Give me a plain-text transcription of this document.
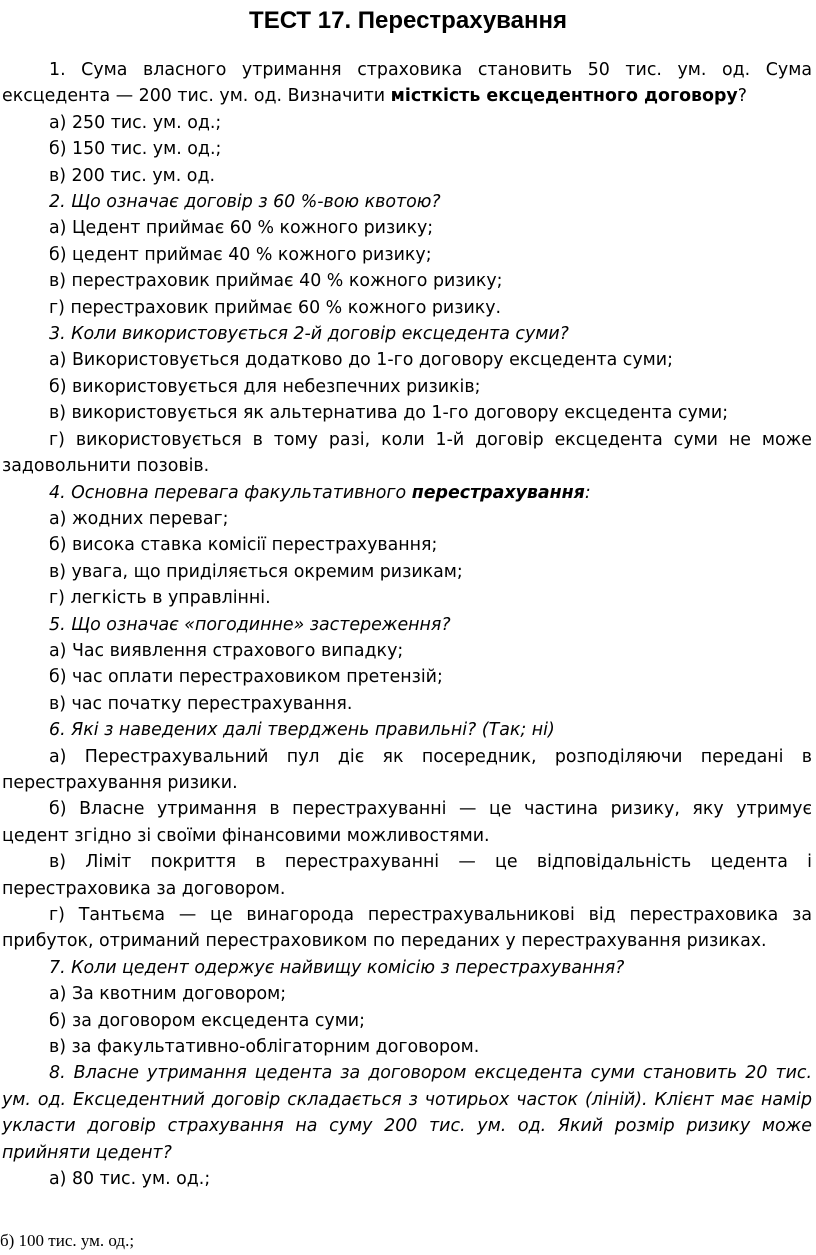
ТЕСТ 17. Перестрахування

1. Сума власного утримання страховика становить 50 тис. ум. од. Сума ексцедента — 200 тис. ум. од. Визначити місткість ексцедентного договору?

а) 250 тис. ум. од.;

б) 150 тис. ум. од.;

в) 200 тис. ум. од.

2. Що означає договір з 60 %-вою квотою?

а) Цедент приймає 60 % кожного ризику;

б) цедент приймає 40 % кожного ризику;

в) перестраховик приймає 40 % кожного ризику;

г) перестраховик приймає 60 % кожного ризику.

3. Коли використовується 2-й договір ексцедента суми?

а) Використовується додатково до 1-го договору ексцедента суми;

б) використовується для небезпечних ризиків;

в) використовується як альтернатива до 1-го договору ексцедента суми;

г) використовується в тому разі, коли 1-й договір ексцедента суми не може задовольнити позовів.

4. Основна перевага факультативного перестрахування:

а) жодних переваг;

б) висока ставка комісії перестрахування;

в) увага, що приділяється окремим ризикам;

г) легкість в управлінні.

5. Що означає «погодинне» застереження?

а) Час виявлення страхового випадку;

б) час оплати перестраховиком претензій;

в) час початку перестрахування.

6. Які з наведених далі тверджень правильні? (Так; ні)

а) Перестрахувальний пул діє як посередник, розподіляючи передані в перестрахування ризики.

б) Власне утримання в перестрахуванні — це частина ризику, яку утримує цедент згідно зі своїми фінансовими можливостями.

в) Ліміт покриття в перестрахуванні — це відповідальність цедента і перестраховика за договором.

г) Тантьєма — це винагорода перестрахувальникові від перестраховика за прибуток, отриманий перестраховиком по переданих у перестрахування ризиках.

7. Коли цедент одержує найвищу комісію з перестрахування?

а) За квотним договором;

б) за договором ексцедента суми;

в) за факультативно-облігаторним договором.

8. Власне утримання цедента за договором ексцедента суми становить 20 тис. ум. од. Ексцедентний договір складається з чотирьох часток (ліній). Клієнт має намір укласти договір страхування на суму 200 тис. ум. од. Який розмір ризику може прийняти цедент?

а) 80 тис. ум. од.;

б) 100 тис. ум. од.;
